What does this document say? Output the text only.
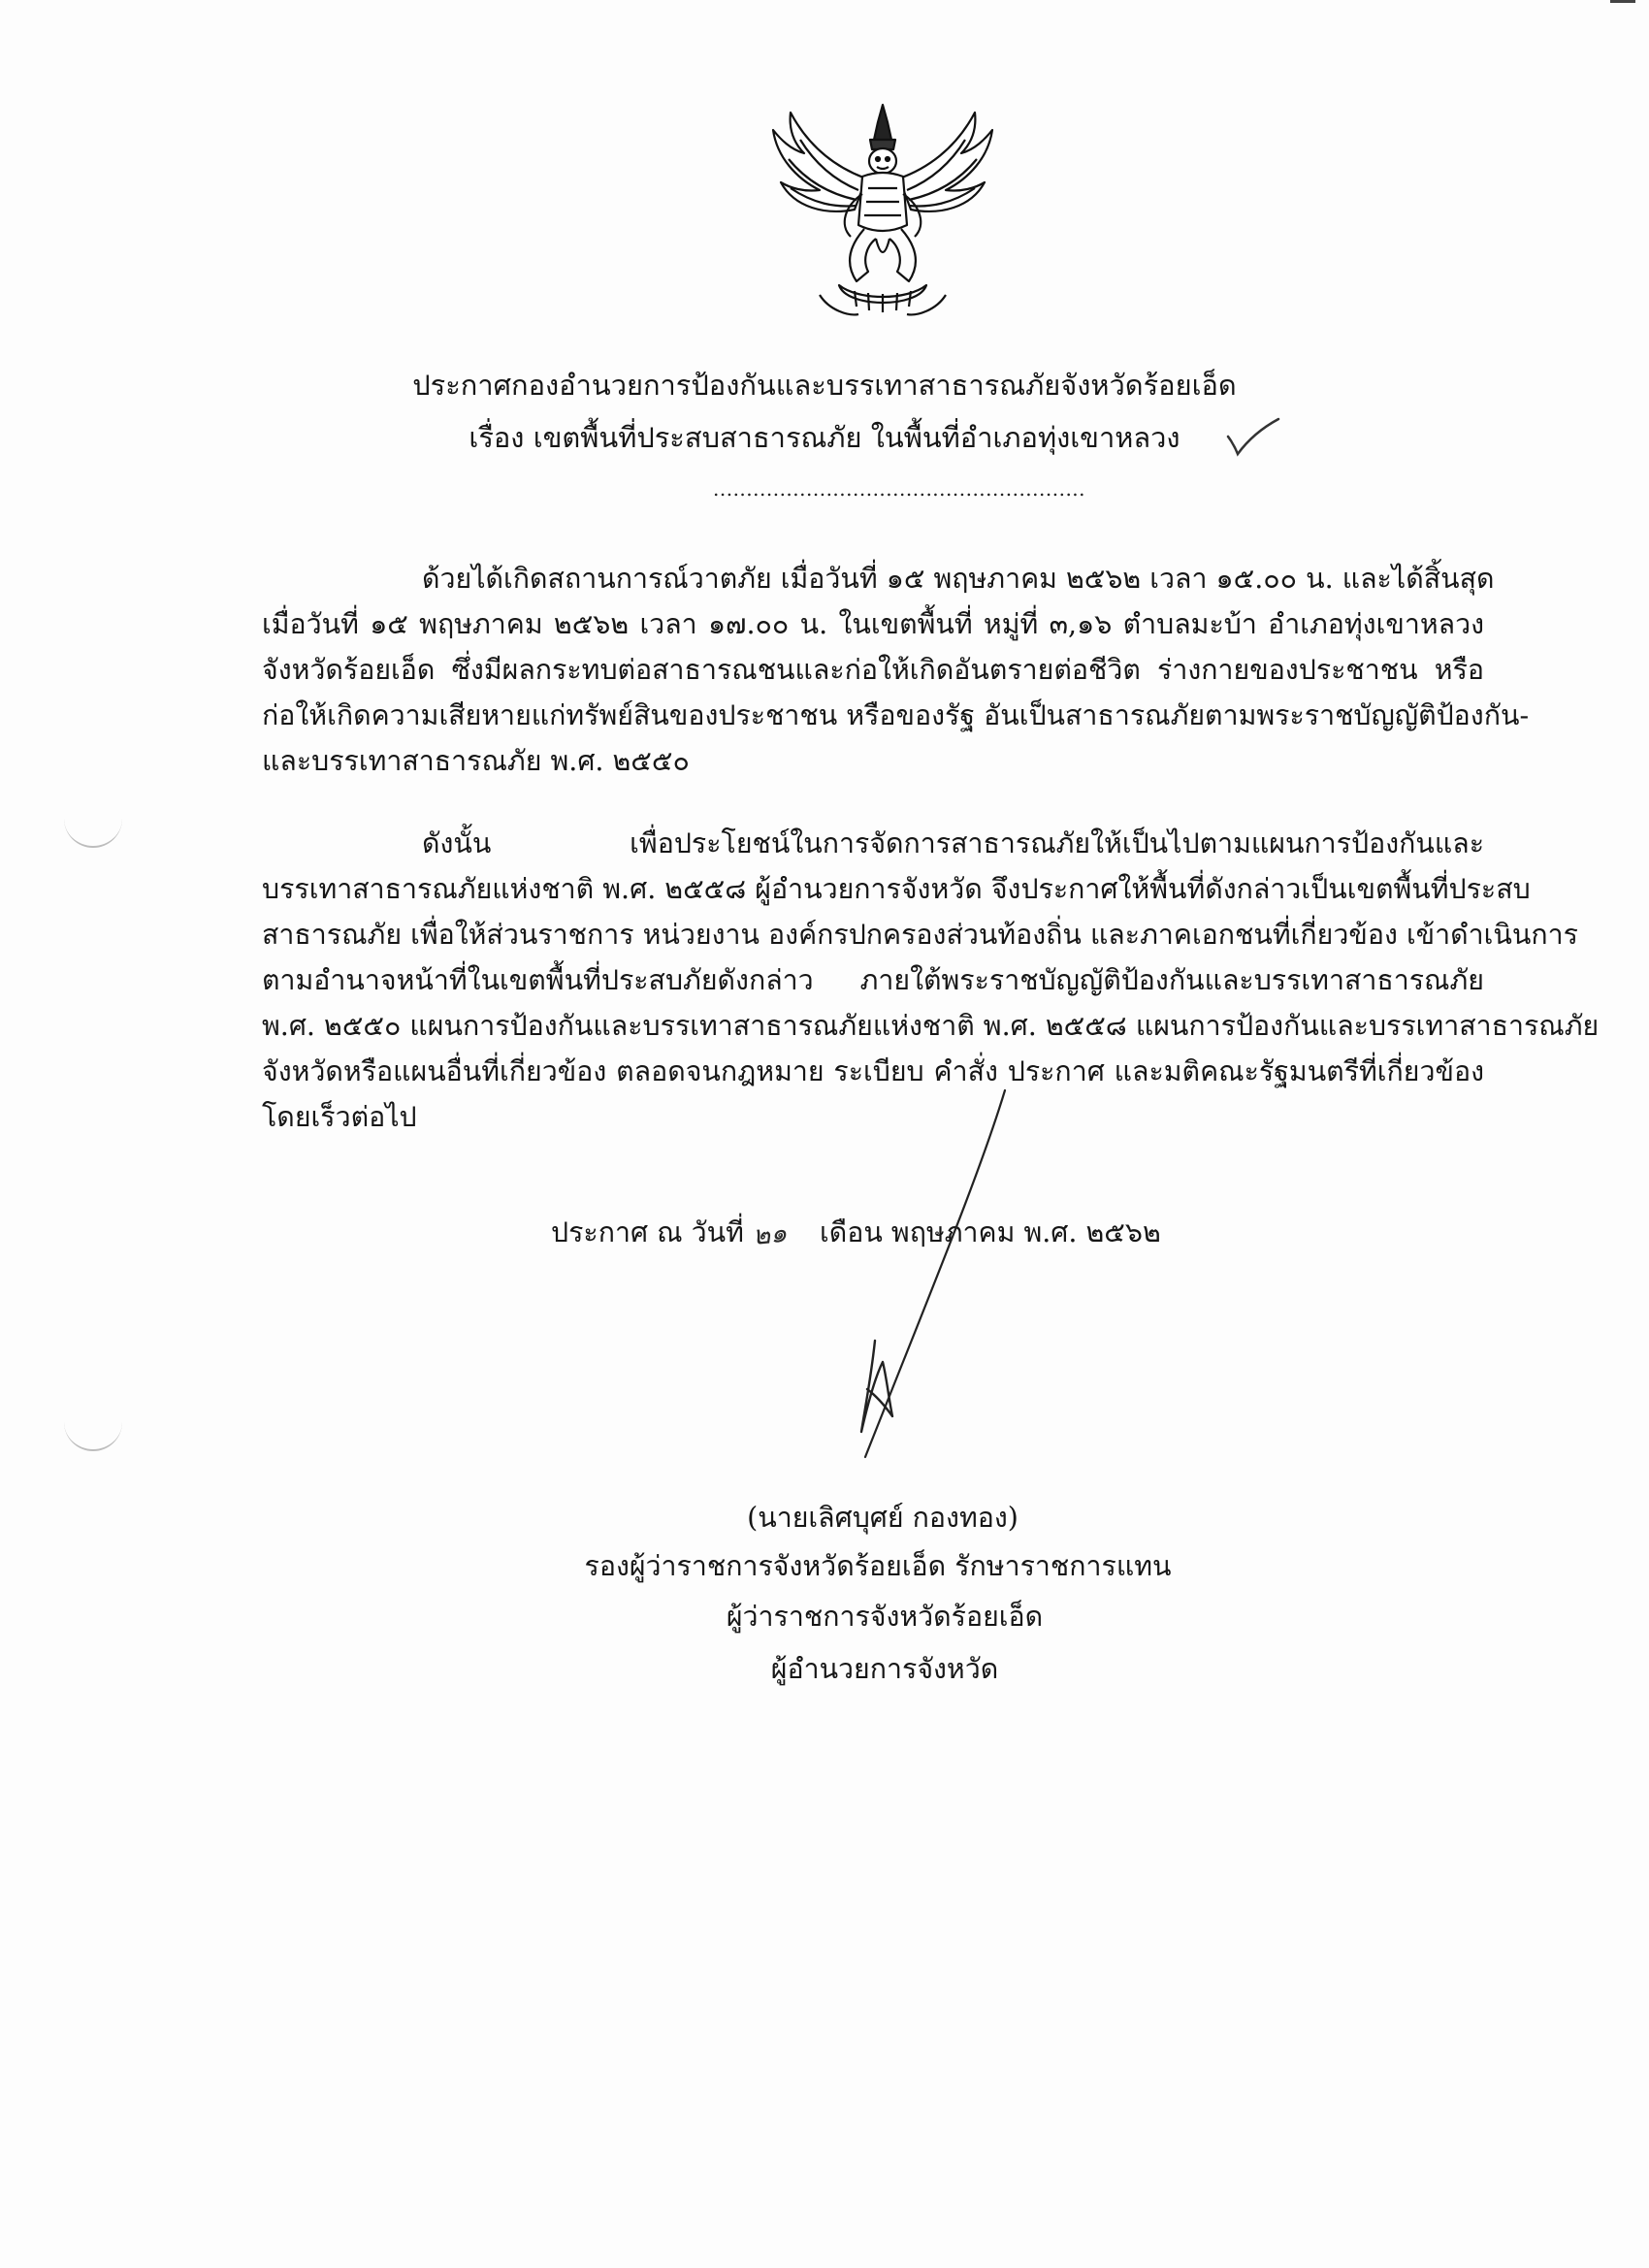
ประกาศกองอำนวยการป้องกันและบรรเทาสาธารณภัยจังหวัดร้อยเอ็ด
เรื่อง เขตพื้นที่ประสบสาธารณภัย ในพื้นที่อำเภอทุ่งเขาหลวง
........................................................
ด้วยได้เกิดสถานการณ์วาตภัย เมื่อวันที่ ๑๕ พฤษภาคม ๒๕๖๒ เวลา ๑๕.๐๐ น. และได้สิ้นสุด
เมื่อวันที่ ๑๕ พฤษภาคม ๒๕๖๒ เวลา ๑๗.๐๐ น. ในเขตพื้นที่ หมู่ที่ ๓,๑๖ ตำบลมะบ้า อำเภอทุ่งเขาหลวง
จังหวัดร้อยเอ็ด ซึ่งมีผลกระทบต่อสาธารณชนและก่อให้เกิดอันตรายต่อชีวิต ร่างกายของประชาชน หรือ
ก่อให้เกิดความเสียหายแก่ทรัพย์สินของประชาชน หรือของรัฐ อันเป็นสาธารณภัยตามพระราชบัญญัติป้องกัน-
และบรรเทาสาธารณภัย พ.ศ. ๒๕๕๐
ดังนั้น เพื่อประโยชน์ในการจัดการสาธารณภัยให้เป็นไปตามแผนการป้องกันและ
บรรเทาสาธารณภัยแห่งชาติ พ.ศ. ๒๕๕๘ ผู้อำนวยการจังหวัด จึงประกาศให้พื้นที่ดังกล่าวเป็นเขตพื้นที่ประสบ
สาธารณภัย เพื่อให้ส่วนราชการ หน่วยงาน องค์กรปกครองส่วนท้องถิ่น และภาคเอกชนที่เกี่ยวข้อง เข้าดำเนินการ
ตามอำนาจหน้าที่ในเขตพื้นที่ประสบภัยดังกล่าว ภายใต้พระราชบัญญัติป้องกันและบรรเทาสาธารณภัย
พ.ศ. ๒๕๕๐ แผนการป้องกันและบรรเทาสาธารณภัยแห่งชาติ พ.ศ. ๒๕๕๘ แผนการป้องกันและบรรเทาสาธารณภัย
จังหวัดหรือแผนอื่นที่เกี่ยวข้อง ตลอดจนกฎหมาย ระเบียบ คำสั่ง ประกาศ และมติคณะรัฐมนตรีที่เกี่ยวข้อง
โดยเร็วต่อไป
ประกาศ ณ วันที่ ๒๑ เดือน พฤษภาคม พ.ศ. ๒๕๖๒
(นายเลิศบุศย์ กองทอง)
รองผู้ว่าราชการจังหวัดร้อยเอ็ด รักษาราชการแทน
ผู้ว่าราชการจังหวัดร้อยเอ็ด
ผู้อำนวยการจังหวัด
